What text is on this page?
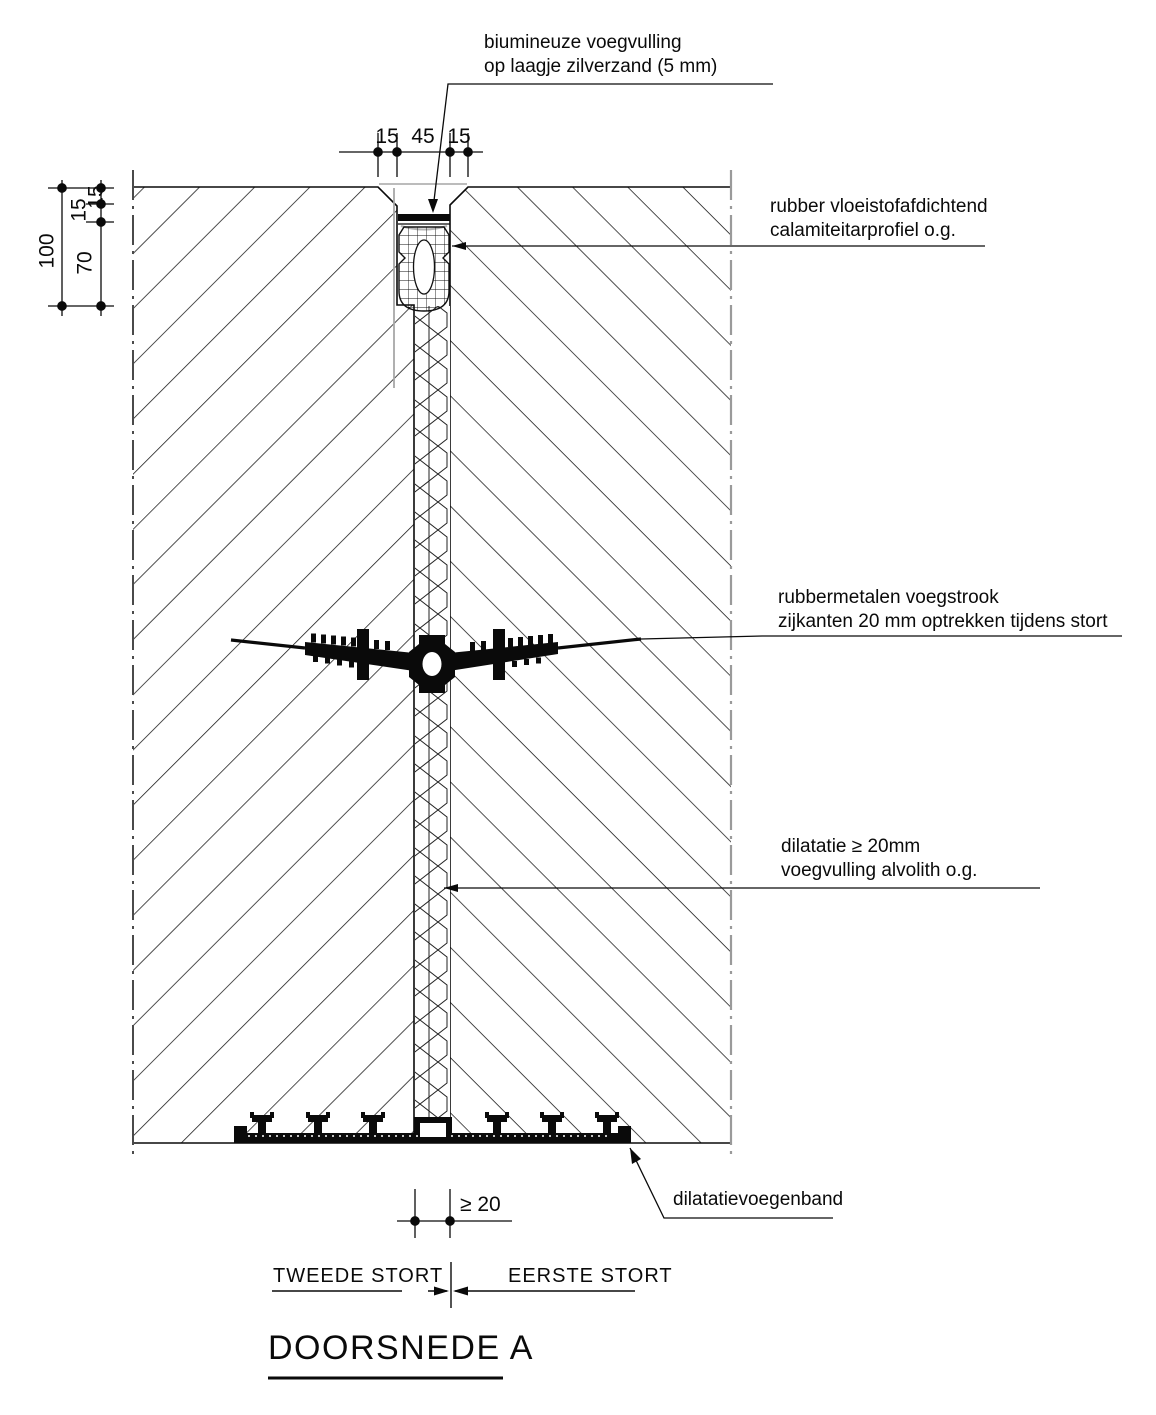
biumineuze voegvulling
op laagje zilverzand (5 mm)
rubber vloeistofafdichtend
calamiteitarprofiel o.g.
rubbermetalen voegstrook
zijkanten 20 mm optrekken tijdens stort
dilatatie ≥ 20mm
voegvulling alvolith o.g.
dilatatievoegenband
15 45 15
100
15
15
70
≥ 20
TWEEDE STORT	EERSTE STORT
DOORSNEDE A
